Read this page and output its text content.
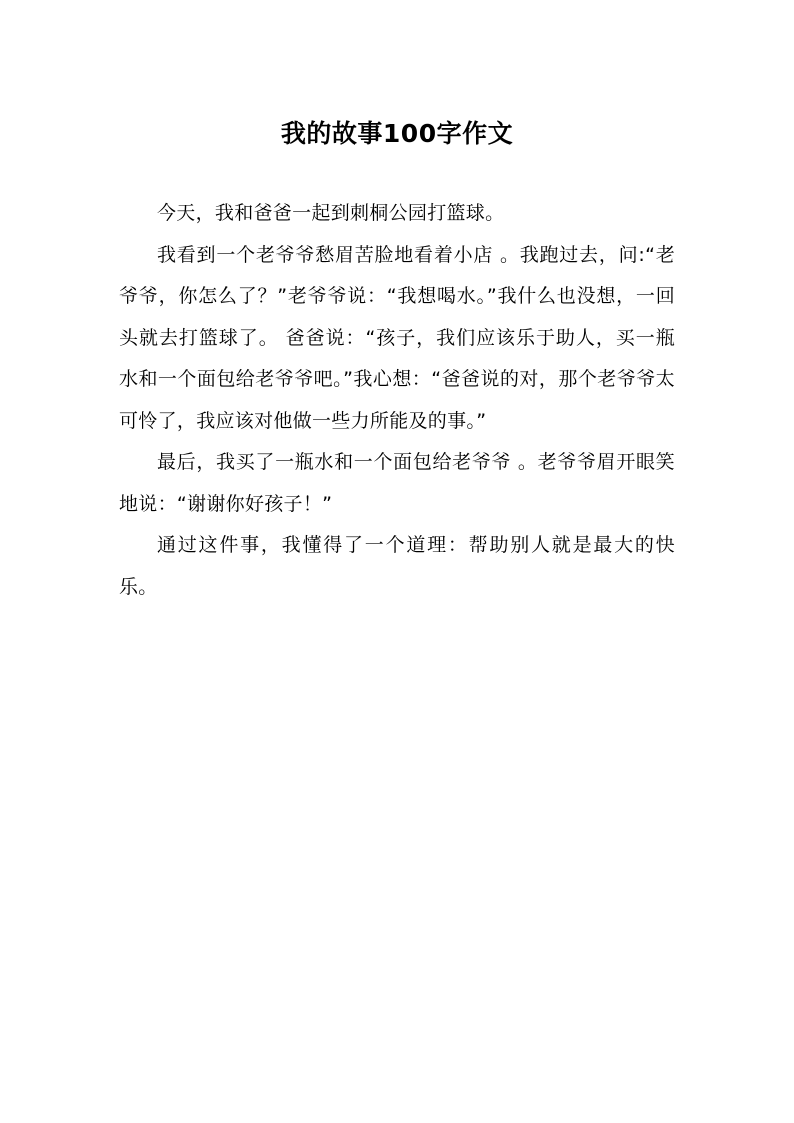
我的故事100字作文

今天，我和爸爸一起到刺桐公园打篮球。

我看到一个老爷爷愁眉苦脸地看着小店 。我跑过去，问:“老爷爷，你怎么了？”老爷爷说：“我想喝水。”我什么也没想，一回头就去打篮球了。 爸爸说：“孩子，我们应该乐于助人，买一瓶水和一个面包给老爷爷吧。”我心想：“爸爸说的对，那个老爷爷太可怜了，我应该对他做一些力所能及的事。”

最后，我买了一瓶水和一个面包给老爷爷 。老爷爷眉开眼笑地说：“谢谢你好孩子！”

通过这件事，我懂得了一个道理：帮助别人就是最大的快乐。
